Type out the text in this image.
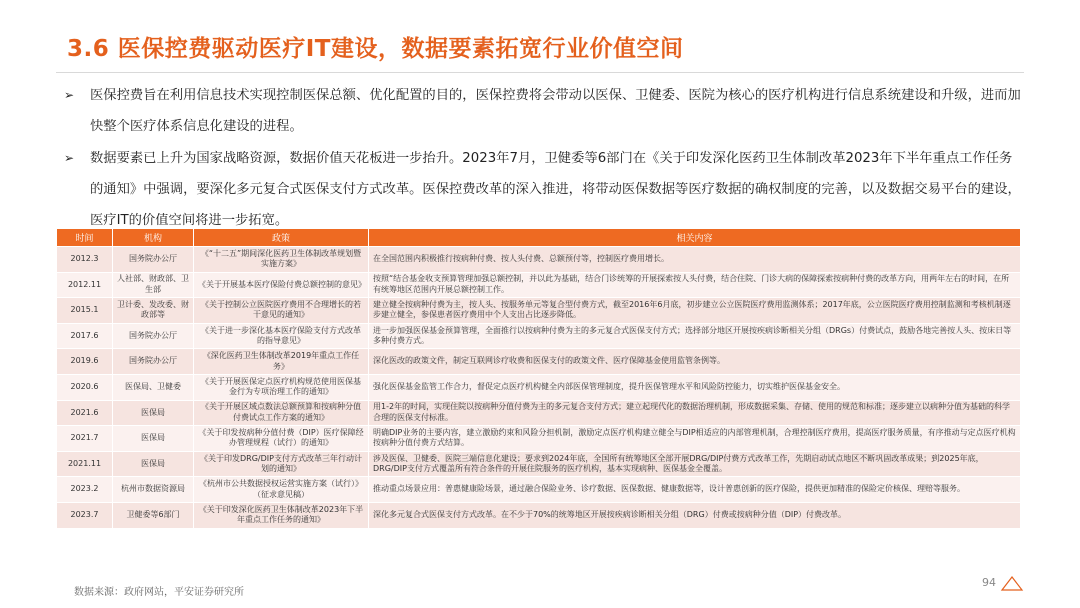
3.6 医保控费驱动医疗IT建设，数据要素拓宽行业价值空间
➢ 医保控费旨在利用信息技术实现控制医保总额、优化配置的目的，医保控费将会带动以医保、卫健委、医院为核心的医疗机构进行信息系统建设和升级，进而加快整个医疗体系信息化建设的进程。
➢ 数据要素已上升为国家战略资源，数据价值天花板进一步抬升。2023年7月，卫健委等6部门在《关于印发深化医药卫生体制改革2023年下半年重点工作任务的通知》中强调，要深化多元复合式医保支付方式改革。医保控费改革的深入推进，将带动医保数据等医疗数据的确权制度的完善，以及数据交易平台的建设，医疗IT的价值空间将进一步拓宽。
时间	机构	政策	相关内容
2012.3	国务院办公厅	《“十二五”期间深化医药卫生体制改革规划暨实施方案》	在全国范围内积极推行按病种付费、按人头付费、总额预付等，控制医疗费用增长。
2012.11	人社部、财政部、卫生部	《关于开展基本医疗保险付费总额控制的意见》	按照“结合基金收支预算管理加强总额控制，并以此为基础，结合门诊统筹的开展探索按人头付费，结合住院、门诊大病的保障探索按病种付费的改革方向，用两年左右的时间，在所有统筹地区范围内开展总额控制工作。
2015.1	卫计委、发改委、财政部等	《关于控制公立医院医疗费用不合理增长的若干意见的通知》	建立健全按病种付费为主，按人头、按服务单元等复合型付费方式，截至2016年6月底，初步建立公立医院医疗费用监测体系；2017年底，公立医院医疗费用控制监测和考核机制逐步建立健全，参保患者医疗费用中个人支出占比逐步降低。
2017.6	国务院办公厅	《关于进一步深化基本医疗保险支付方式改革的指导意见》	进一步加强医保基金预算管理，全面推行以按病种付费为主的多元复合式医保支付方式；选择部分地区开展按疾病诊断相关分组（DRGs）付费试点，鼓励各地完善按人头、按床日等多种付费方式。
2019.6	国务院办公厅	《深化医药卫生体制改革2019年重点工作任务》	深化医改的政策文件，制定互联网诊疗收费和医保支付的政策文件、医疗保障基金使用监管条例等。
2020.6	医保局、卫健委	《关于开展医保定点医疗机构规范使用医保基金行为专项治理工作的通知》	强化医保基金监管工作合力，督促定点医疗机构健全内部医保管理制度，提升医保管理水平和风险防控能力，切实维护医保基金安全。
2021.6	医保局	《关于开展区域点数法总额预算和按病种分值付费试点工作方案的通知》	用1-2年的时间，实现住院以按病种分值付费为主的多元复合支付方式；建立起现代化的数据治理机制，形成数据采集、存储、使用的规范和标准；逐步建立以病种分值为基础的科学合理的医保支付标准。
2021.7	医保局	《关于印发按病种分值付费（DIP）医疗保障经办管理规程（试行）的通知》	明确DIP业务的主要内容，建立激励约束和风险分担机制，激励定点医疗机构建立健全与DIP相适应的内部管理机制，合理控制医疗费用，提高医疗服务质量，有序推动与定点医疗机构按病种分值付费方式结算。
2021.11	医保局	《关于印发DRG/DIP支付方式改革三年行动计划的通知》	涉及医保、卫健委、医院三端信息化建设；要求到2024年底，全国所有统筹地区全部开展DRG/DIP付费方式改革工作，先期启动试点地区不断巩固改革成果；到2025年底，DRG/DIP支付方式覆盖所有符合条件的开展住院服务的医疗机构，基本实现病种、医保基金全覆盖。
2023.2	杭州市数据资源局	《杭州市公共数据授权运营实施方案（试行）》（征求意见稿）	推动重点场景应用：普惠健康险场景，通过融合保险业务、诊疗数据、医保数据、健康数据等，设计普惠创新的医疗保险，提供更加精准的保险定价核保、理赔等服务。
2023.7	卫健委等6部门	《关于印发深化医药卫生体制改革2023年下半年重点工作任务的通知》	深化多元复合式医保支付方式改革。在不少于70%的统筹地区开展按疾病诊断相关分组（DRG）付费或按病种分值（DIP）付费改革。
数据来源：政府网站，平安证券研究所
94
